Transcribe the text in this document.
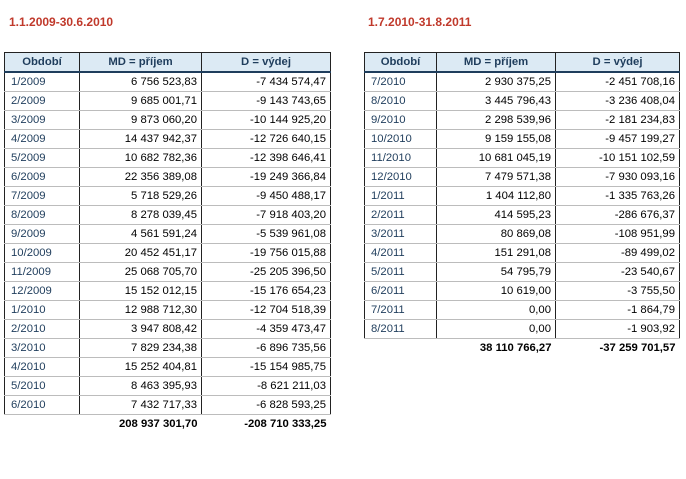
1.1.2009-30.6.2010	1.7.2010-31.8.2011
Období	MD = příjem	D = výdej
1/2009	6 756 523,83	-7 434 574,47
2/2009	9 685 001,71	-9 143 743,65
3/2009	9 873 060,20	-10 144 925,20
4/2009	14 437 942,37	-12 726 640,15
5/2009	10 682 782,36	-12 398 646,41
6/2009	22 356 389,08	-19 249 366,84
7/2009	5 718 529,26	-9 450 488,17
8/2009	8 278 039,45	-7 918 403,20
9/2009	4 561 591,24	-5 539 961,08
10/2009	20 452 451,17	-19 756 015,88
11/2009	25 068 705,70	-25 205 396,50
12/2009	15 152 012,15	-15 176 654,23
1/2010	12 988 712,30	-12 704 518,39
2/2010	3 947 808,42	-4 359 473,47
3/2010	7 829 234,38	-6 896 735,56
4/2010	15 252 404,81	-15 154 985,75
5/2010	8 463 395,93	-8 621 211,03
6/2010	7 432 717,33	-6 828 593,25
	208 937 301,70	-208 710 333,25
Období	MD = příjem	D = výdej
7/2010	2 930 375,25	-2 451 708,16
8/2010	3 445 796,43	-3 236 408,04
9/2010	2 298 539,96	-2 181 234,83
10/2010	9 159 155,08	-9 457 199,27
11/2010	10 681 045,19	-10 151 102,59
12/2010	7 479 571,38	-7 930 093,16
1/2011	1 404 112,80	-1 335 763,26
2/2011	414 595,23	-286 676,37
3/2011	80 869,08	-108 951,99
4/2011	151 291,08	-89 499,02
5/2011	54 795,79	-23 540,67
6/2011	10 619,00	-3 755,50
7/2011	0,00	-1 864,79
8/2011	0,00	-1 903,92
	38 110 766,27	-37 259 701,57
